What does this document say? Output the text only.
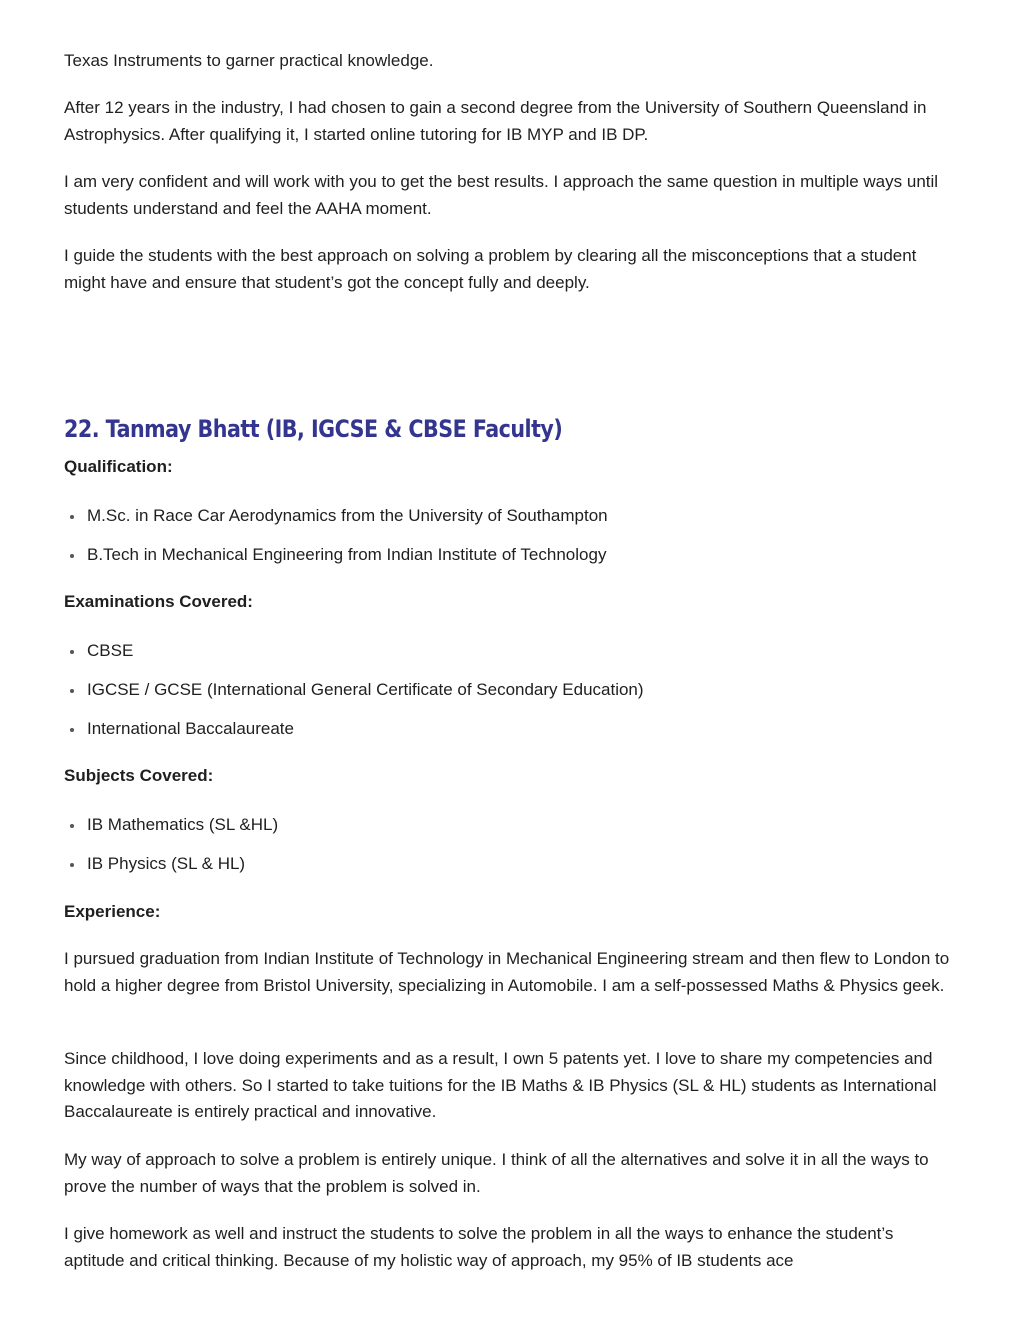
Texas Instruments to garner practical knowledge.

After 12 years in the industry, I had chosen to gain a second degree from the University of Southern Queensland in Astrophysics. After qualifying it, I started online tutoring for IB MYP and IB DP.

I am very confident and will work with you to get the best results. I approach the same question in multiple ways until students understand and feel the AAHA moment.

I guide the students with the best approach on solving a problem by clearing all the misconceptions that a student might have and ensure that student’s got the concept fully and deeply.

22. Tanmay Bhatt (IB, IGCSE & CBSE Faculty)
Qualification:
M.Sc. in Race Car Aerodynamics from the University of Southampton
B.Tech in Mechanical Engineering from Indian Institute of Technology
Examinations Covered:
CBSE
IGCSE / GCSE (International General Certificate of Secondary Education)
International Baccalaureate
Subjects Covered:
IB Mathematics (SL &HL)
IB Physics (SL & HL)
Experience:

I pursued graduation from Indian Institute of Technology in Mechanical Engineering stream and then flew to London to hold a higher degree from Bristol University, specializing in Automobile. I am a self-possessed Maths & Physics geek.

Since childhood, I love doing experiments and as a result, I own 5 patents yet. I love to share my competencies and knowledge with others. So I started to take tuitions for the IB Maths & IB Physics (SL & HL) students as International Baccalaureate is entirely practical and innovative.

My way of approach to solve a problem is entirely unique. I think of all the alternatives and solve it in all the ways to prove the number of ways that the problem is solved in.

I give homework as well and instruct the students to solve the problem in all the ways to enhance the student’s aptitude and critical thinking. Because of my holistic way of approach, my 95% of IB students ace
